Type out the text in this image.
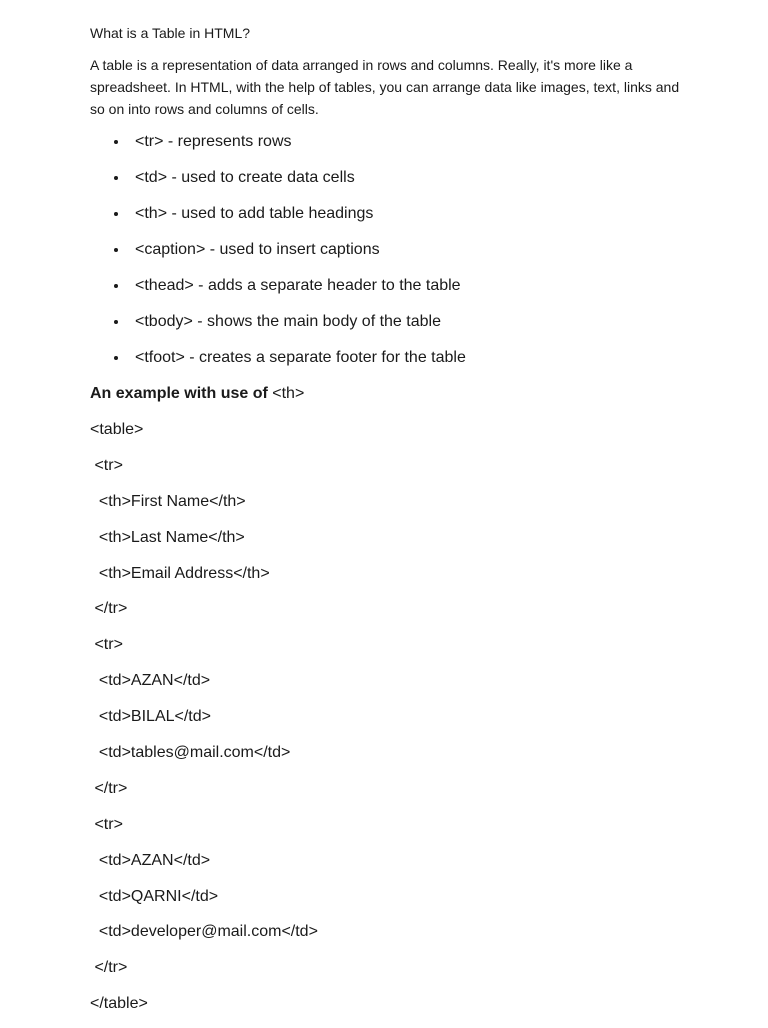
What is a Table in HTML?
A table is a representation of data arranged in rows and columns. Really, it's more like a spreadsheet. In HTML, with the help of tables, you can arrange data like images, text, links and so on into rows and columns of cells.
<tr> - represents rows
<td> - used to create data cells
<th> - used to add table headings
<caption> - used to insert captions
<thead> - adds a separate header to the table
<tbody> - shows the main body of the table
<tfoot> - creates a separate footer for the table
An example with use of <th>
<table>
<tr>
<th>First Name</th>
<th>Last Name</th>
<th>Email Address</th>
</tr>
<tr>
<td>AZAN</td>
<td>BILAL</td>
<td>tables@mail.com</td>
</tr>
<tr>
<td>AZAN</td>
<td>QARNI</td>
<td>developer@mail.com</td>
</tr>
</table>
